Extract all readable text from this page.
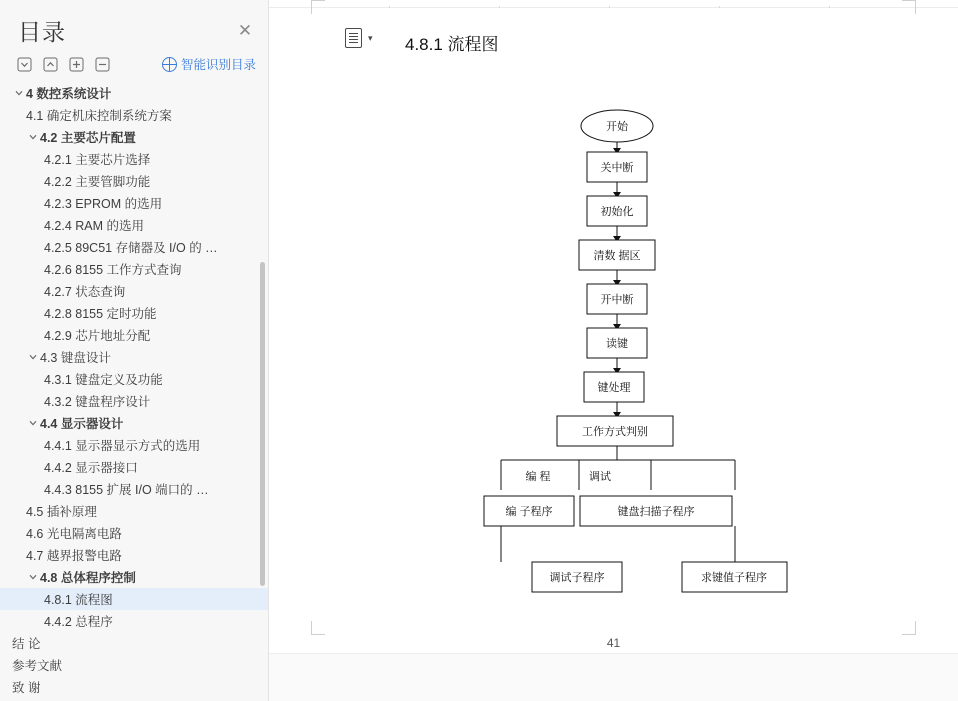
目录	✕
智能识别目录
4 数控系统设计
4.1 确定机床控制系统方案
4.2 主要芯片配置
4.2.1 主要芯片选择
4.2.2 主要管脚功能
4.2.3 EPROM 的选用
4.2.4 RAM 的选用
4.2.5 89C51 存储器及 I/O 的 …
4.2.6 8155 工作方式查询
4.2.7 状态查询
4.2.8 8155 定时功能
4.2.9 芯片地址分配
4.3 键盘设计
4.3.1 键盘定义及功能
4.3.2 键盘程序设计
4.4 显示器设计
4.4.1 显示器显示方式的选用
4.4.2 显示器接口
4.4.3 8155 扩展 I/O 端口的 …
4.5 插补原理
4.6 光电隔离电路
4.7 越界报警电路
4.8 总体程序控制
4.8.1 流程图
4.4.2 总程序
结 论
参考文献
致 谢
▾ 4.8.1 流程图
开始
关中断
初始化
清数 据区
开中断
读键
键处理
工作方式判别
编 程	调试
编 子程序	键盘扫描子程序
调试子程序	求键值子程序
41
